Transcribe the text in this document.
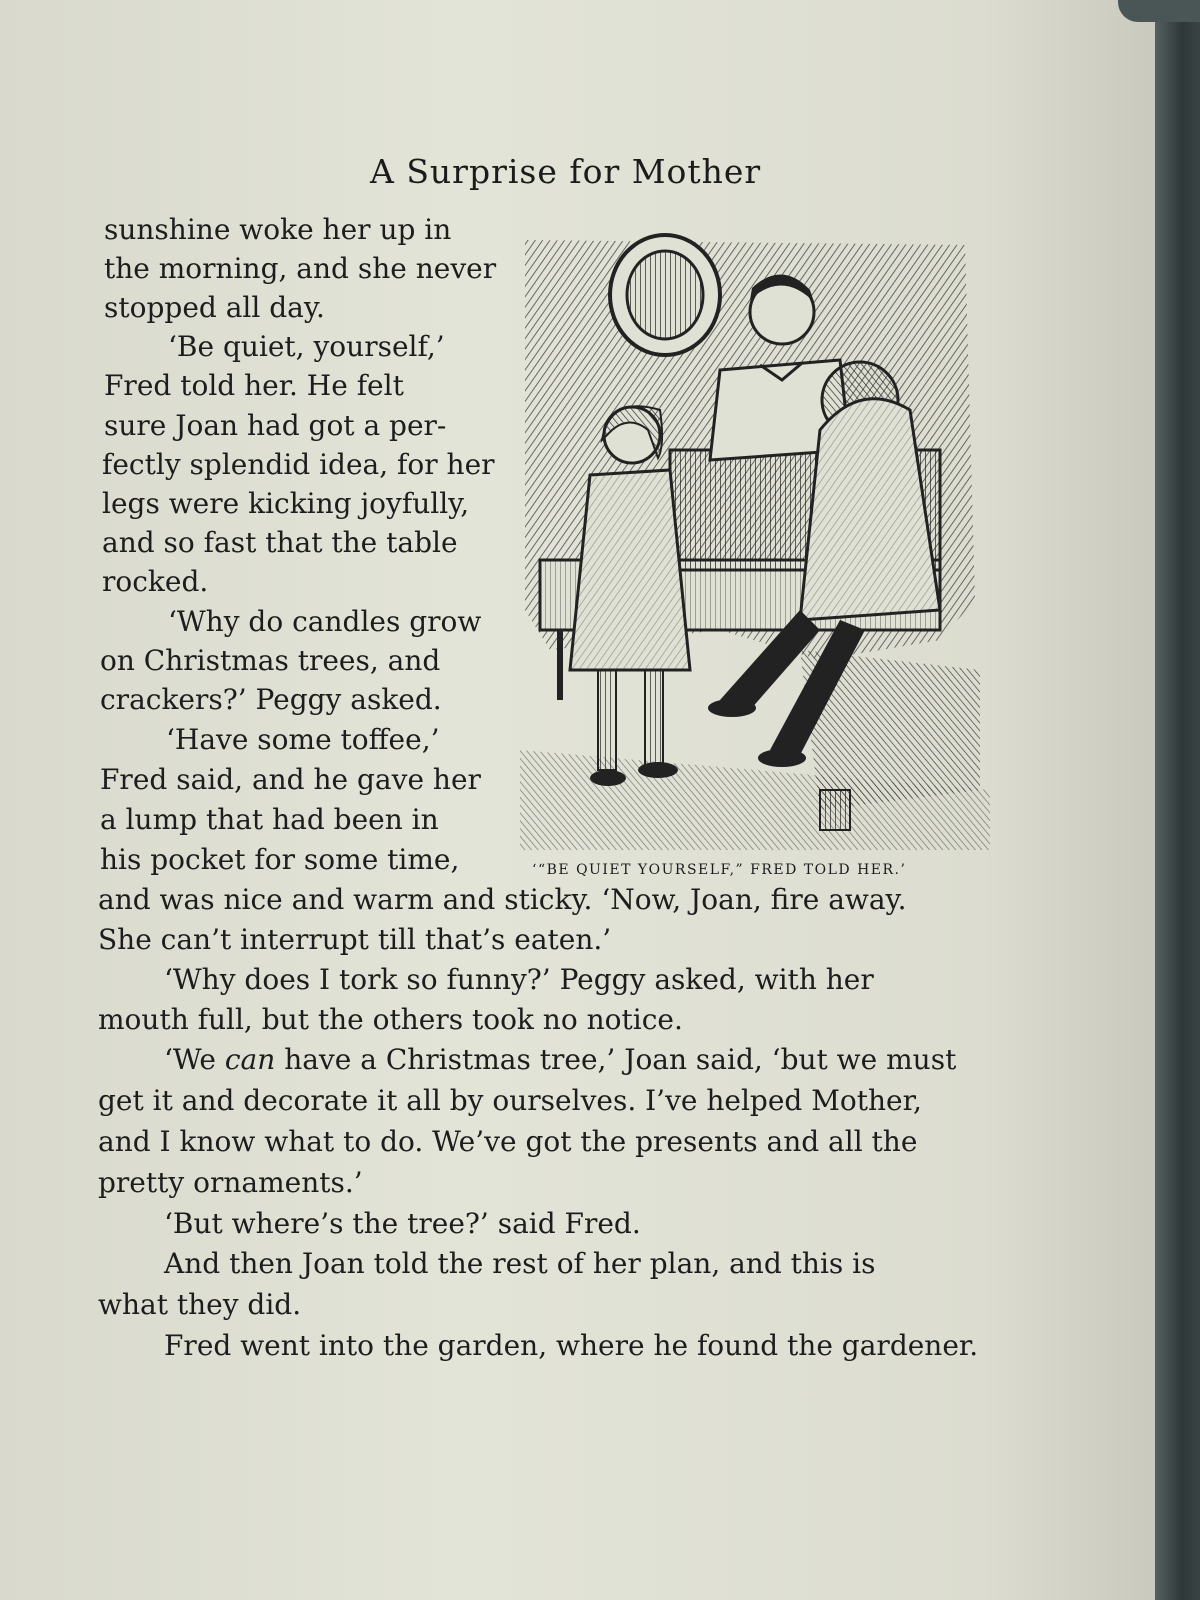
A Surprise for Mother
sunshine woke her up in
the morning, and she never
stopped all day.
‘Be quiet, yourself,’
Fred told her. He felt
sure Joan had got a per-
fectly splendid idea, for her
legs were kicking joyfully,
and so fast that the table
rocked.
‘Why do candles grow
on Christmas trees, and
crackers?’ Peggy asked.
‘Have some toffee,’
Fred said, and he gave her
a lump that had been in
his pocket for some time,
and was nice and warm and sticky. ‘Now, Joan, fire away.
She can’t interrupt till that’s eaten.’
‘Why does I tork so funny?’ Peggy asked, with her
mouth full, but the others took no notice.
‘We can have a Christmas tree,’ Joan said, ‘but we must
get it and decorate it all by ourselves. I’ve helped Mother,
and I know what to do. We’ve got the presents and all the
pretty ornaments.’
‘But where’s the tree?’ said Fred.
And then Joan told the rest of her plan, and this is
what they did.
Fred went into the garden, where he found the gardener.
‘“BE QUIET YOURSELF,” FRED TOLD HER.’
